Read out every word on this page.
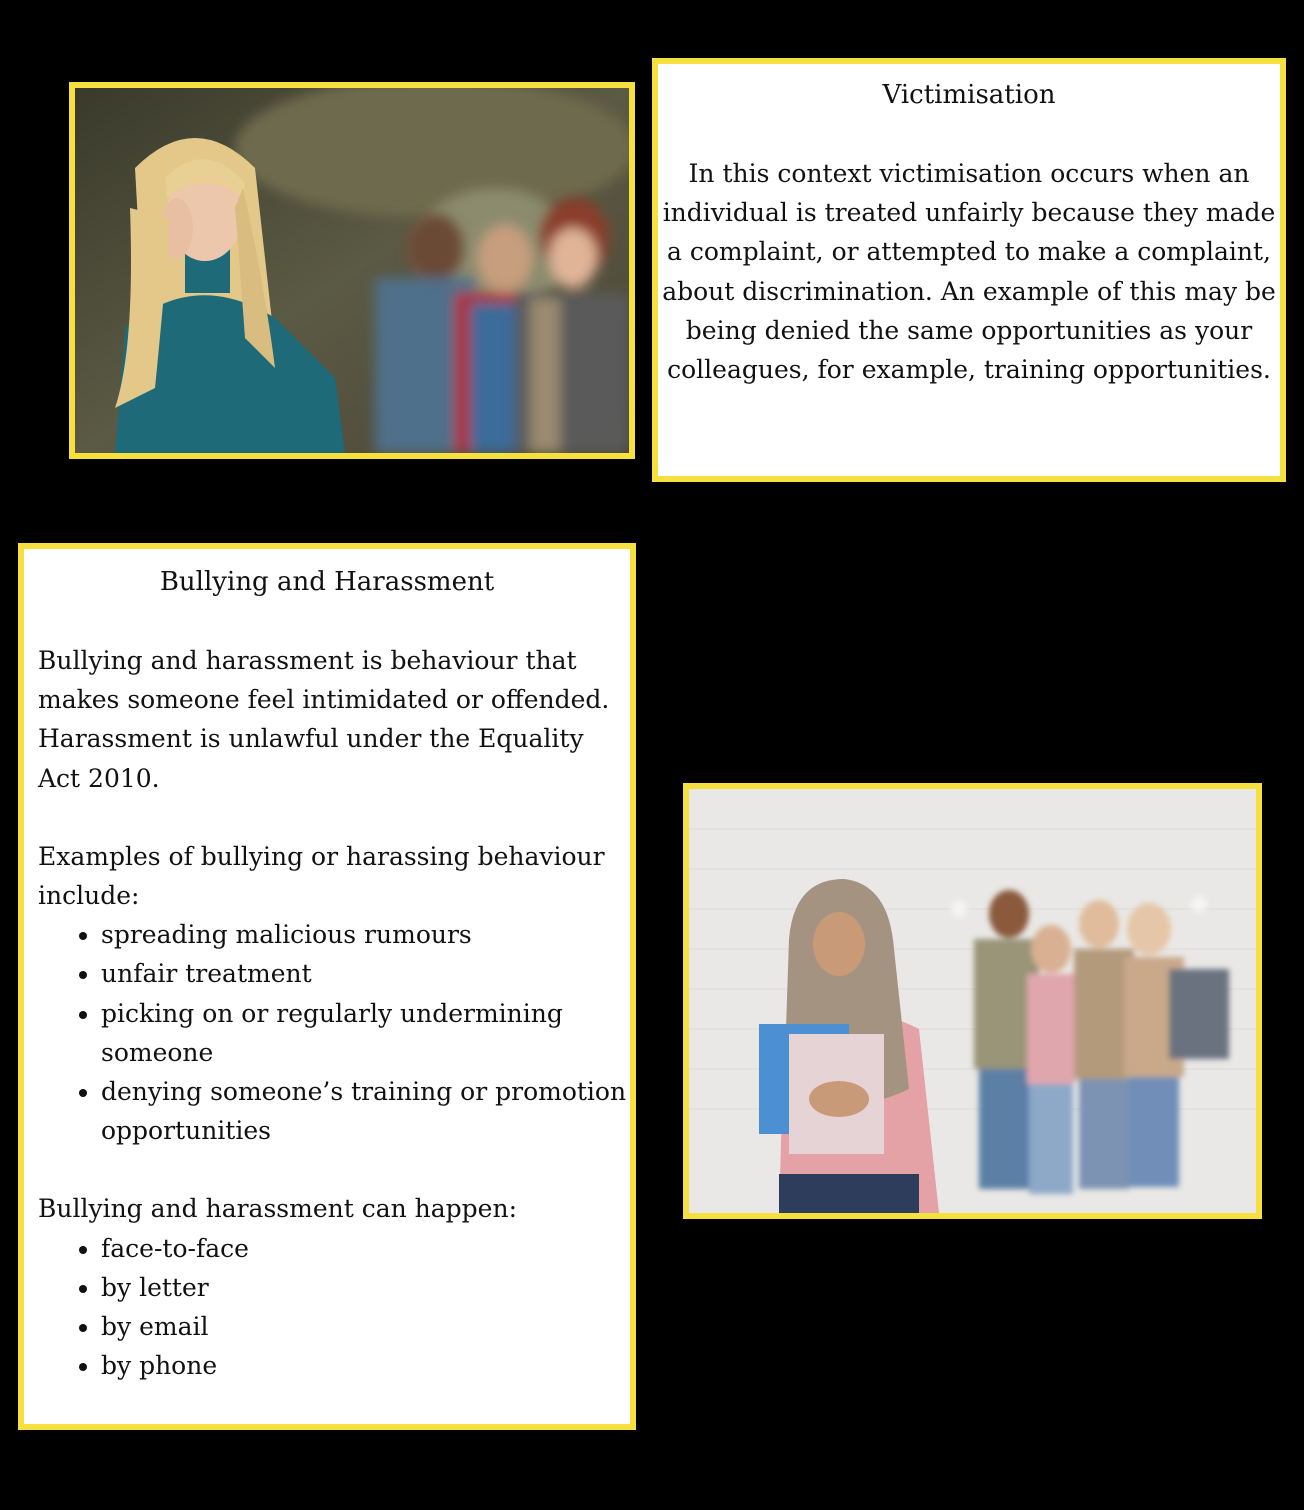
Victimisation

In this context victimisation occurs when an individual is treated unfairly because they made a complaint, or attempted to make a complaint, about discrimination. An example of this may be being denied the same opportunities as your colleagues, for example, training opportunities.

Bullying and Harassment

Bullying and harassment is behaviour that makes someone feel intimidated or offended. Harassment is unlawful under the Equality Act 2010.

Examples of bullying or harassing behaviour include:

• spreading malicious rumours
• unfair treatment
• picking on or regularly undermining someone
• denying someone’s training or promotion opportunities

Bullying and harassment can happen:

• face-to-face
• by letter
• by email
• by phone
